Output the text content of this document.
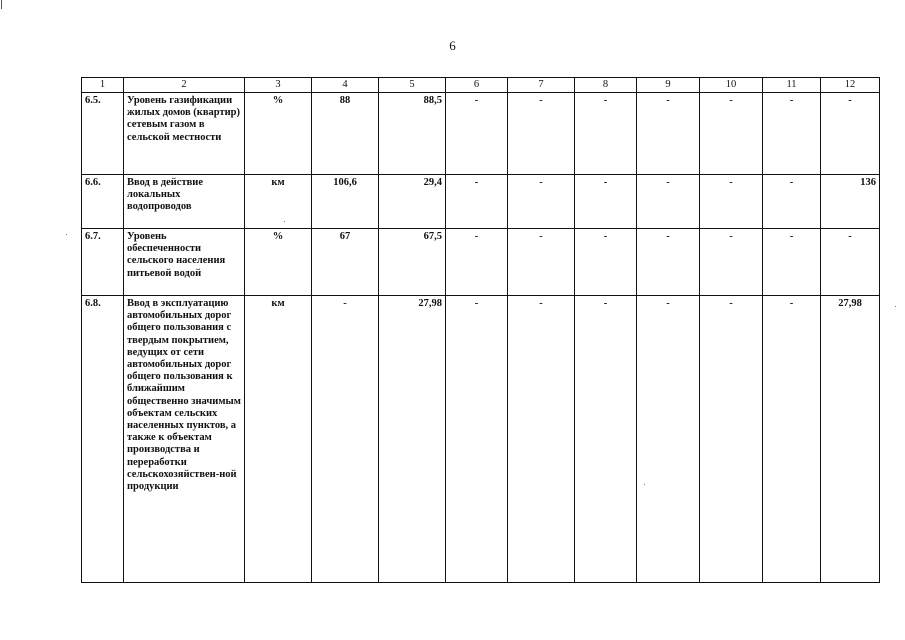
6
1	2	3	4	5	6	7	8	9	10	11	12
6.5.	Уровень газификации жилых домов (квартир) сетевым газом в сельской местности	%	88	88,5	-	-	-	-	-	-	-
6.6.	Ввод в действие локальных водопроводов	км	106,6	29,4	-	-	-	-	-	-	136
6.7.	Уровень обеспеченности сельского населения питьевой водой	%	67	67,5	-	-	-	-	-	-	-
6.8.	Ввод в эксплуатацию автомобильных дорог общего пользования с твердым покрытием, ведущих от сети автомобильных дорог общего пользования к ближайшим общественно значимым объектам сельских населенных пунктов, а также к объектам производства и переработки сельскохозяйствен-ной продукции	км	-	27,98	-	-	-	-	-	-	27,98
